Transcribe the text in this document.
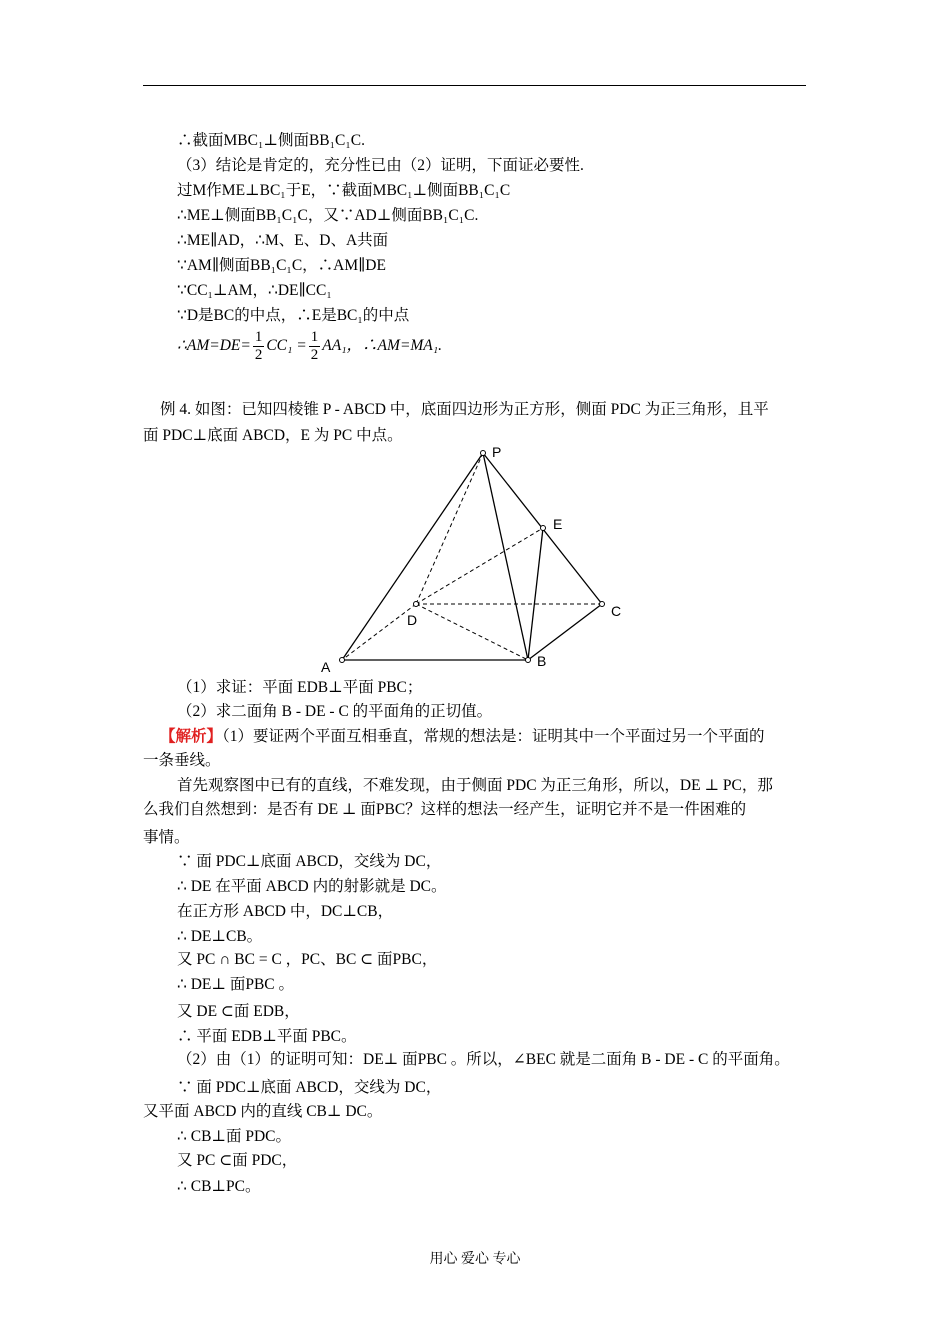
∴截面MBC₁⊥侧面BB₁C₁C.
（3）结论是肯定的，充分性已由（2）证明，下面证必要性.
过M作ME⊥BC₁于E，∵截面MBC₁⊥侧面BB₁C₁C
∴ME⊥侧面BB₁C₁C，又∵AD⊥侧面BB₁C₁C.
∴ME∥AD，∴M、E、D、A共面
∵AM∥侧面BB₁C₁C，∴AM∥DE
∵CC₁⊥AM，∴DE∥CC₁
∵D是BC的中点，∴E是BC₁的中点
∴AM=DE= $\frac{1}{2} CC_1 = \frac{1}{2} AA_1$，∴AM=MA₁.
例 4. 如图：已知四棱锥 P - ABCD 中，底面四边形为正方形，侧面 PDC 为正三角形，且平
面 PDC⊥底面 ABCD，E 为 PC 中点。
P
E
C
D
A	B
（1）求证：平面 EDB⊥平面 PBC；
（2）求二面角 B - DE - C 的平面角的正切值。
【解析】（1）要证两个平面互相垂直，常规的想法是：证明其中一个平面过另一个平面的
一条垂线。
首先观察图中已有的直线，不难发现，由于侧面 PDC 为正三角形，所以，DE ⊥ PC，那
么我们自然想到：是否有 DE ⊥ 面PBC？这样的想法一经产生，证明它并不是一件困难的
事情。
∵ 面 PDC⊥底面 ABCD，交线为 DC，
∴ DE 在平面 ABCD 内的射影就是 DC。
在正方形 ABCD 中，DC⊥CB，
∴ DE⊥CB。
又 PC ∩ BC = C ，PC、BC ⊂ 面PBC，
∴ DE⊥ 面PBC 。
又 DE ⊂面 EDB，
∴ 平面 EDB⊥平面 PBC。
（2）由（1）的证明可知：DE⊥ 面PBC 。所以，∠BEC 就是二面角 B - DE - C 的平面角。
∵ 面 PDC⊥底面 ABCD，交线为 DC，
又平面 ABCD 内的直线 CB⊥ DC。
∴ CB⊥面 PDC。
又 PC ⊂面 PDC，
∴ CB⊥PC。
用心 爱心 专心
